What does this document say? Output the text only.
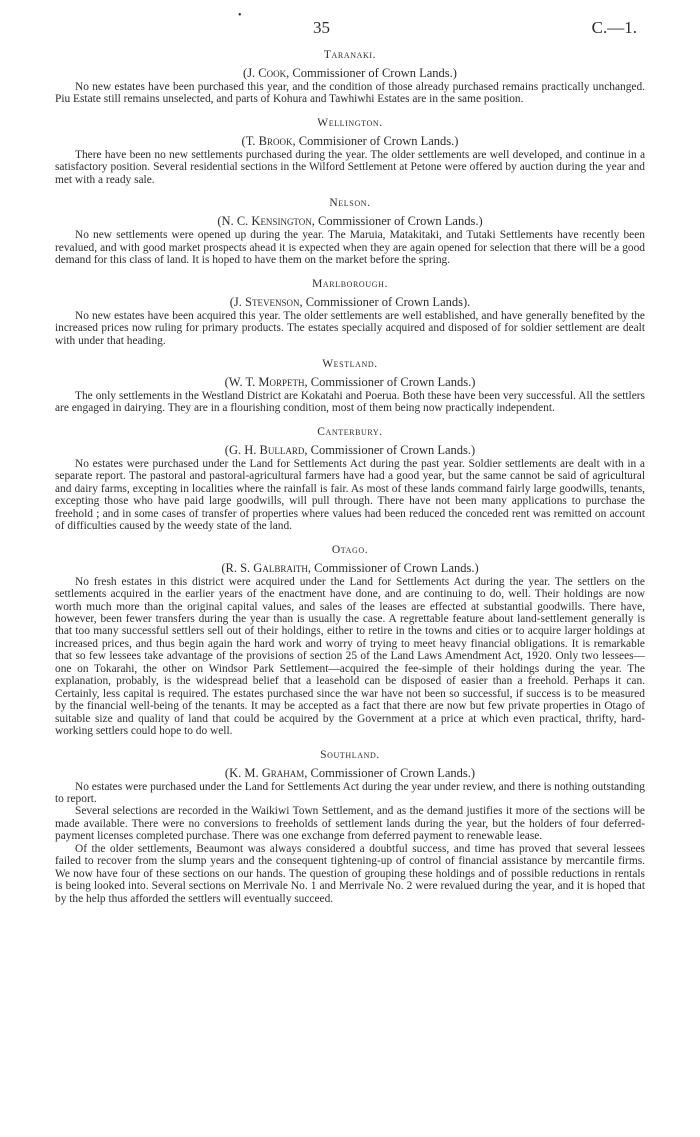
•
35	C.—1.
Taranaki.
(J. Cook, Commissioner of Crown Lands.)

No new estates have been purchased this year, and the condition of those already purchased remains practically unchanged. Piu Estate still remains unselected, and parts of Kohura and Tawhiwhi Estates are in the same position.

Wellington.
(T. Brook, Commisioner of Crown Lands.)

There have been no new settlements purchased during the year. The older settlements are well developed, and continue in a satisfactory position. Several residential sections in the Wilford Settlement at Petone were offered by auction during the year and met with a ready sale.

Nelson.
(N. C. Kensington, Commissioner of Crown Lands.)

No new settlements were opened up during the year. The Maruia, Matakitaki, and Tutaki Settlements have recently been revalued, and with good market prospects ahead it is expected when they are again opened for selection that there will be a good demand for this class of land. It is hoped to have them on the market before the spring.

Marlborough.
(J. Stevenson, Commissioner of Crown Lands).

No new estates have been acquired this year. The older settlements are well established, and have generally benefited by the increased prices now ruling for primary products. The estates specially acquired and disposed of for soldier settlement are dealt with under that heading.

Westland.
(W. T. Morpeth, Commissioner of Crown Lands.)

The only settlements in the Westland District are Kokatahi and Poerua. Both these have been very successful. All the settlers are engaged in dairying. They are in a flourishing condition, most of them being now practically independent.

Canterbury.
(G. H. Bullard, Commissioner of Crown Lands.)

No estates were purchased under the Land for Settlements Act during the past year. Soldier settlements are dealt with in a separate report. The pastoral and pastoral-agricultural farmers have had a good year, but the same cannot be said of agricultural and dairy farms, excepting in localities where the rainfall is fair. As most of these lands command fairly large goodwills, tenants, excepting those who have paid large goodwills, will pull through. There have not been many applications to purchase the freehold ; and in some cases of transfer of properties where values had been reduced the conceded rent was remitted on account of difficulties caused by the weedy state of the land.

Otago.
(R. S. Galbraith, Commissioner of Crown Lands.)

No fresh estates in this district were acquired under the Land for Settlements Act during the year. The settlers on the settlements acquired in the earlier years of the enactment have done, and are continuing to do, well. Their holdings are now worth much more than the original capital values, and sales of the leases are effected at substantial goodwills. There have, however, been fewer transfers during the year than is usually the case. A regrettable feature about land-settlement generally is that too many successful settlers sell out of their holdings, either to retire in the towns and cities or to acquire larger holdings at increased prices, and thus begin again the hard work and worry of trying to meet heavy financial obligations. It is remarkable that so few lessees take advantage of the provisions of section 25 of the Land Laws Amendment Act, 1920. Only two lessees—one on Tokarahi, the other on Windsor Park Settlement—acquired the fee-simple of their holdings during the year. The explanation, probably, is the widespread belief that a leasehold can be disposed of easier than a freehold. Perhaps it can. Certainly, less capital is required. The estates purchased since the war have not been so successful, if success is to be measured by the financial well-being of the tenants. It may be accepted as a fact that there are now but few private properties in Otago of suitable size and quality of land that could be acquired by the Government at a price at which even practical, thrifty, hard-working settlers could hope to do well.

Southland.
(K. M. Graham, Commissioner of Crown Lands.)

No estates were purchased under the Land for Settlements Act during the year under review, and there is nothing outstanding to report.

Several selections are recorded in the Waikiwi Town Settlement, and as the demand justifies it more of the sections will be made available. There were no conversions to freeholds of settlement lands during the year, but the holders of four deferred-payment licenses completed purchase. There was one exchange from deferred payment to renewable lease.

Of the older settlements, Beaumont was always considered a doubtful success, and time has proved that several lessees failed to recover from the slump years and the consequent tightening-up of control of financial assistance by mercantile firms. We now have four of these sections on our hands. The question of grouping these holdings and of possible reductions in rentals is being looked into. Several sections on Merrivale No. 1 and Merrivale No. 2 were revalued during the year, and it is hoped that by the help thus afforded the settlers will eventually succeed.
